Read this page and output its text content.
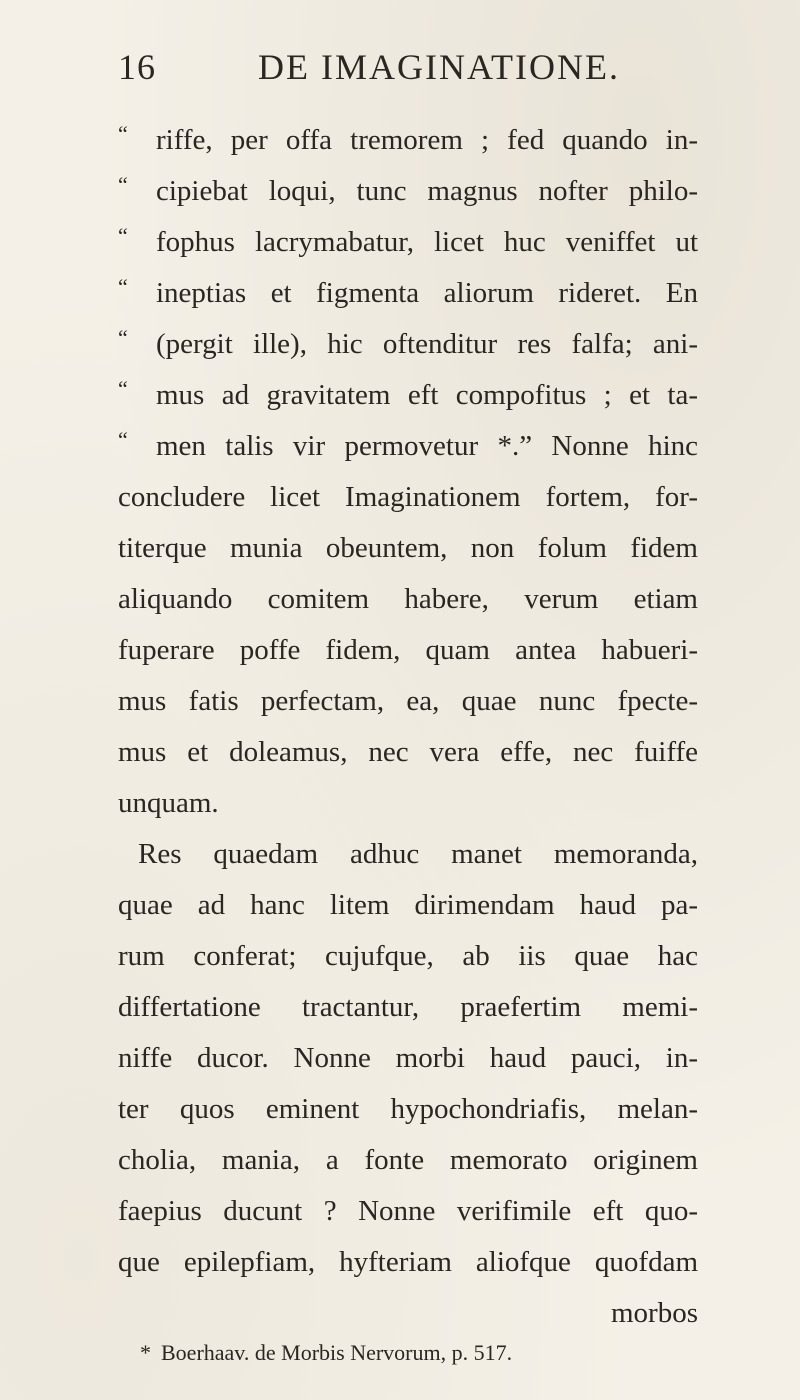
16	DE IMAGINATIONE.
“ riffe, per offa tremorem ; fed quando in-
“ cipiebat loqui, tunc magnus nofter philo-
“ fophus lacrymabatur, licet huc veniffet ut
“ ineptias et figmenta aliorum rideret. En
“ (pergit ille), hic oftenditur res falfa; ani-
“ mus ad gravitatem eft compofitus ; et ta-
“ men talis vir permovetur *.” Nonne hinc
concludere licet Imaginationem fortem, for-
titerque munia obeuntem, non folum fidem
aliquando comitem habere, verum etiam
fuperare poffe fidem, quam antea habueri-
mus fatis perfectam, ea, quae nunc fpecte-
mus et doleamus, nec vera effe, nec fuiffe
unquam.
Res quaedam adhuc manet memoranda,
quae ad hanc litem dirimendam haud pa-
rum conferat; cujufque, ab iis quae hac
differtatione tractantur, praefertim memi-
niffe ducor. Nonne morbi haud pauci, in-
ter quos eminent hypochondriafis, melan-
cholia, mania, a fonte memorato originem
faepius ducunt ? Nonne verifimile eft quo-
que epilepfiam, hyfteriam aliofque quofdam
morbos
* Boerhaav. de Morbis Nervorum, p. 517.
